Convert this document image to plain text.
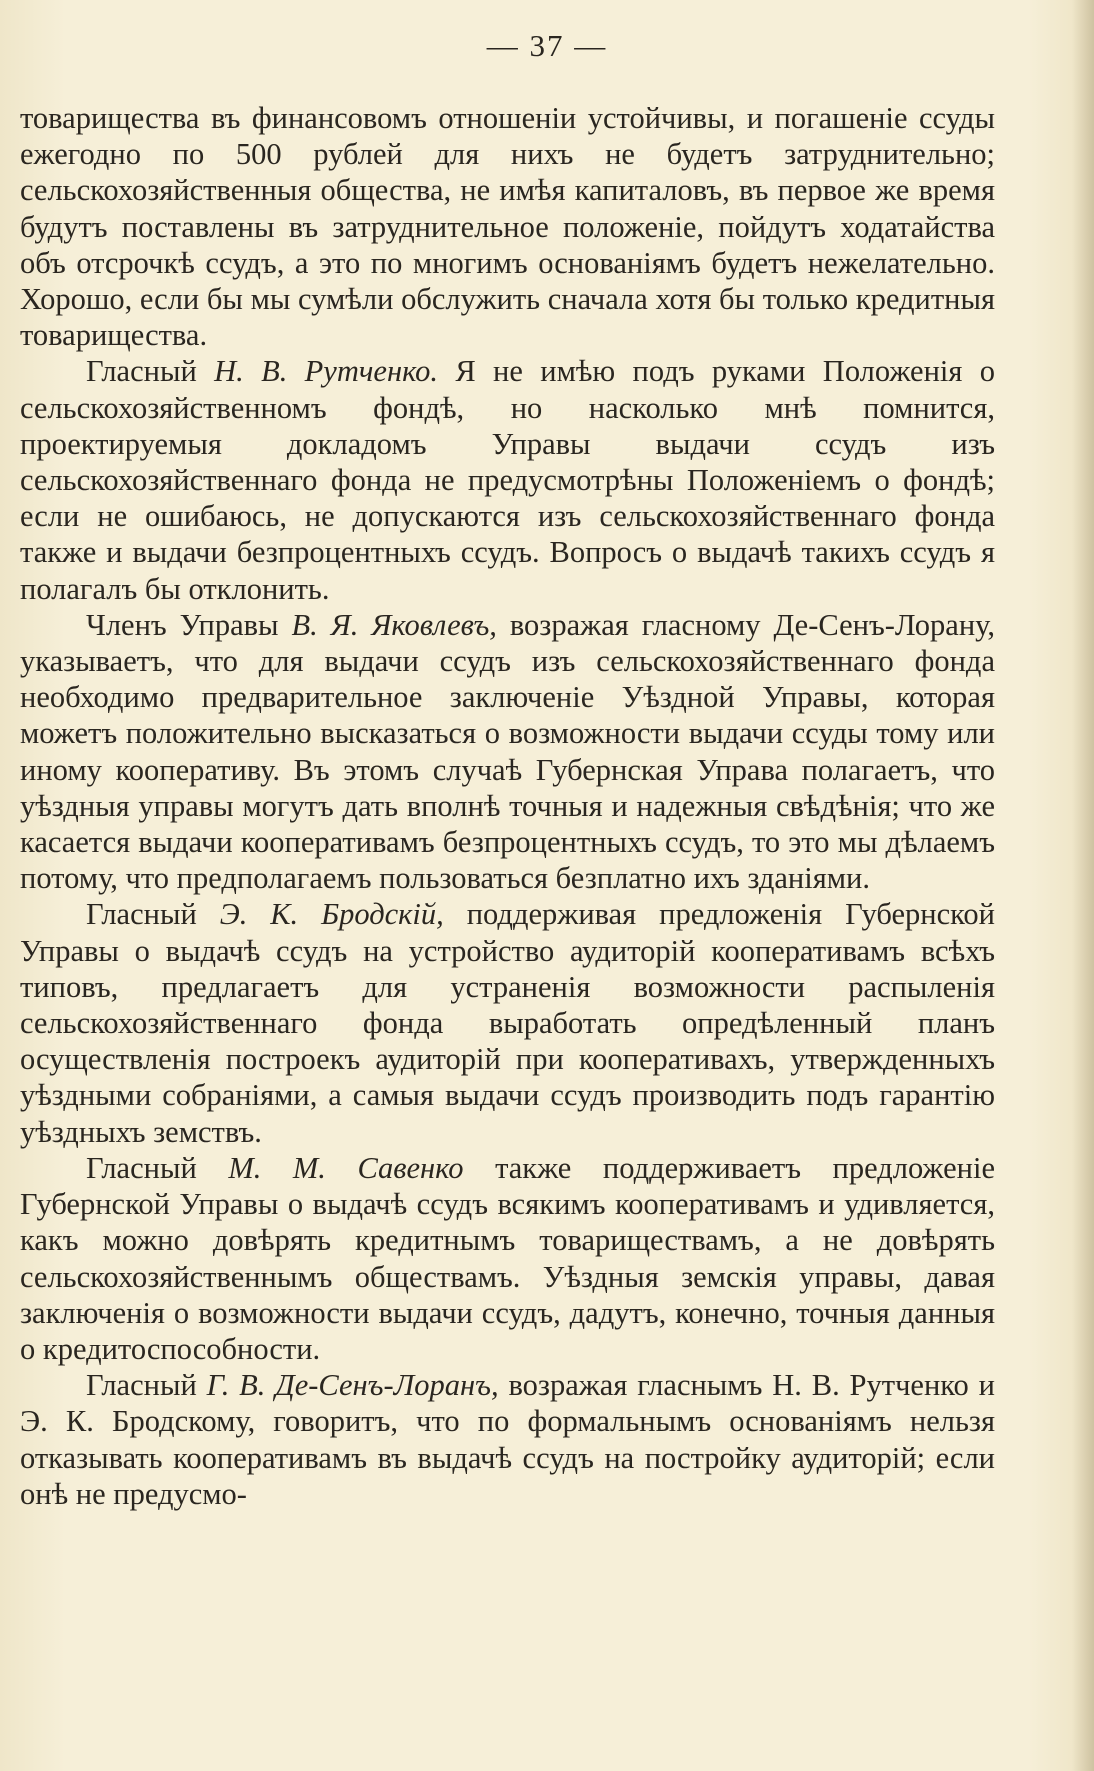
— 37 —

товарищества въ финансовомъ отношенiи устойчивы, и погашенiе ссуды ежегодно по 500 рублей для нихъ не будетъ затруднительно; сельскохозяйственныя общества, не имѣя капиталовъ, въ первое же время будутъ поставлены въ затруднительное положенiе, пойдутъ ходатайства объ отсрочкѣ ссудъ, а это по многимъ основанiямъ будетъ нежелательно. Хорошо, если бы мы сумѣли обслужить сначала хотя бы только кредитныя товарищества.

Гласный Н. В. Рутченко. Я не имѣю подъ руками Положенiя о сельскохозяйственномъ фондѣ, но насколько мнѣ помнится, проектируемыя докладомъ Управы выдачи ссудъ изъ сельскохозяйственнаго фонда не предусмотрѣны Положенiемъ о фондѣ; если не ошибаюсь, не допускаются изъ сельскохозяйственнаго фонда также и выдачи безпроцентныхъ ссудъ. Вопросъ о выдачѣ такихъ ссудъ я полагалъ бы отклонить.

Членъ Управы В. Я. Яковлевъ, возражая гласному Де-Сенъ-Лорану, указываетъ, что для выдачи ссудъ изъ сельскохозяйственнаго фонда необходимо предварительное заключенiе Уѣздной Управы, которая можетъ положительно высказаться о возможности выдачи ссуды тому или иному кооперативу. Въ этомъ случаѣ Губернская Управа полагаетъ, что уѣздныя управы могутъ дать вполнѣ точныя и надежныя свѣдѣнiя; что же касается выдачи кооперативамъ безпроцентныхъ ссудъ, то это мы дѣлаемъ потому, что предполагаемъ пользоваться безплатно ихъ зданiями.

Гласный Э. К. Бродскiй, поддерживая предложенiя Губернской Управы о выдачѣ ссудъ на устройство аудиторiй кооперативамъ всѣхъ типовъ, предлагаетъ для устраненiя возможности распыленiя сельскохозяйственнаго фонда выработать опредѣленный планъ осуществленiя построекъ аудиторiй при кооперативахъ, утвержденныхъ уѣздными собранiями, а самыя выдачи ссудъ производить подъ гарантiю уѣздныхъ земствъ.

Гласный М. М. Савенко также поддерживаетъ предложенiе Губернской Управы о выдачѣ ссудъ всякимъ кооперативамъ и удивляется, какъ можно довѣрять кредитнымъ товариществамъ, а не довѣрять сельскохозяйственнымъ обществамъ. Уѣздныя земскiя управы, давая заключенiя о возможности выдачи ссудъ, дадутъ, конечно, точныя данныя о кредитоспособности.

Гласный Г. В. Де-Сенъ-Лоранъ, возражая гласнымъ Н. В. Рутченко и Э. К. Бродскому, говоритъ, что по формальнымъ основанiямъ нельзя отказывать кооперативамъ въ выдачѣ ссудъ на постройку аудиторiй; если онѣ не предусмо-
